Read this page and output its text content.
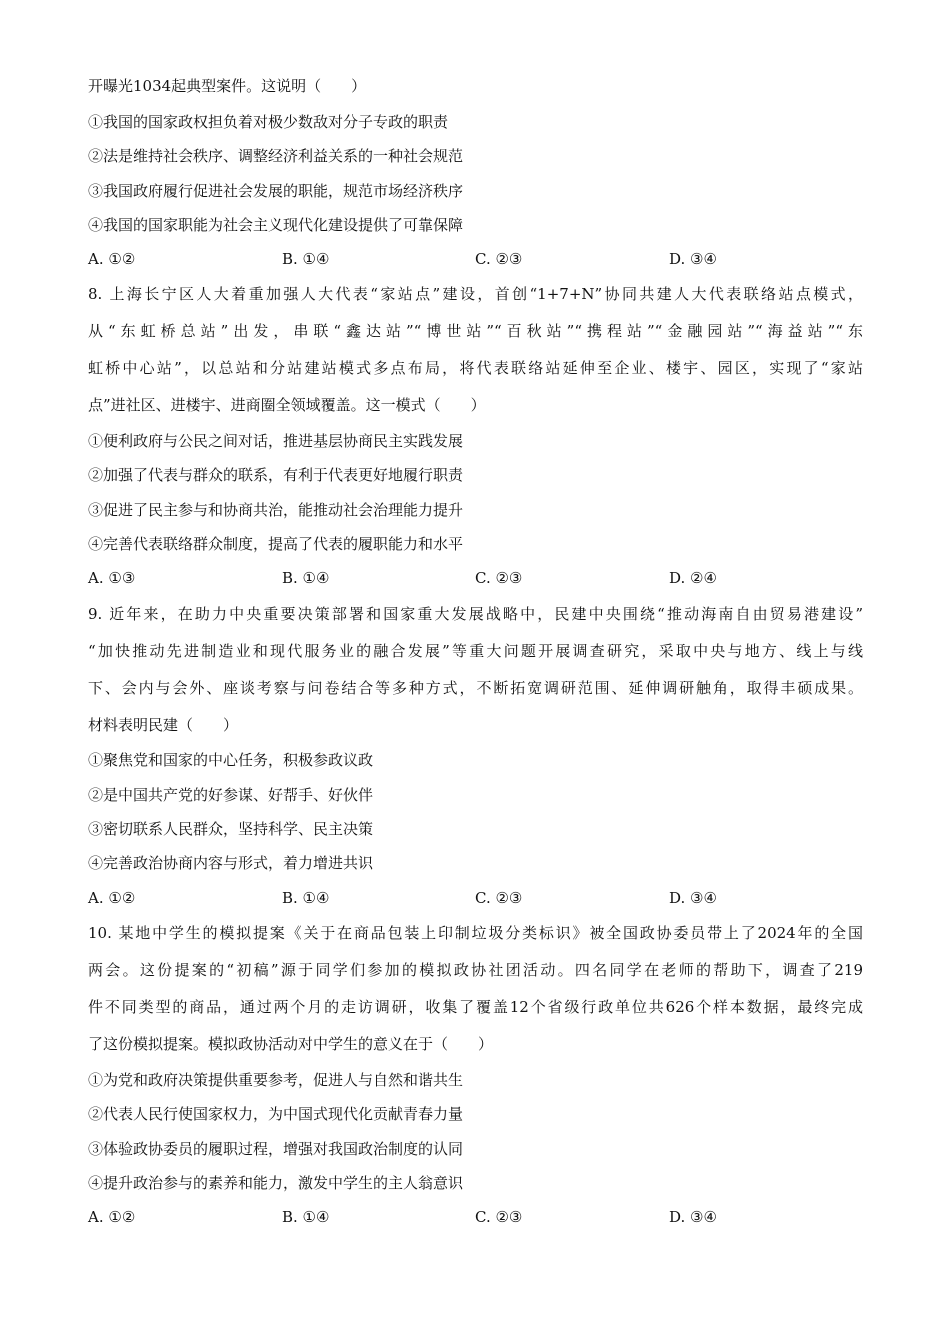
开曝光1034起典型案件。这说明（　　）
①我国的国家政权担负着对极少数敌对分子专政的职责
②法是维持社会秩序、调整经济利益关系的一种社会规范
③我国政府履行促进社会发展的职能，规范市场经济秩序
④我国的国家职能为社会主义现代化建设提供了可靠保障
A. ①②	B. ①④	C. ②③	D. ③④
8. 上海长宁区人大着重加强人大代表“家站点”建设，首创“1+7+N”协同共建人大代表联络站点模式，
从“东虹桥总站”出发，串联“鑫达站”“博世站”“百秋站”“携程站”“金融园站”“海益站”“东
虹桥中心站”，以总站和分站建站模式多点布局，将代表联络站延伸至企业、楼宇、园区，实现了“家站
点”进社区、进楼宇、进商圈全领域覆盖。这一模式（　　）
①便利政府与公民之间对话，推进基层协商民主实践发展
②加强了代表与群众的联系，有利于代表更好地履行职责
③促进了民主参与和协商共治，能推动社会治理能力提升
④完善代表联络群众制度，提高了代表的履职能力和水平
A. ①③	B. ①④	C. ②③	D. ②④
9. 近年来，在助力中央重要决策部署和国家重大发展战略中，民建中央围绕“推动海南自由贸易港建设”
“加快推动先进制造业和现代服务业的融合发展”等重大问题开展调查研究，采取中央与地方、线上与线
下、会内与会外、座谈考察与问卷结合等多种方式，不断拓宽调研范围、延伸调研触角，取得丰硕成果。
材料表明民建（　　）
①聚焦党和国家的中心任务，积极参政议政
②是中国共产党的好参谋、好帮手、好伙伴
③密切联系人民群众，坚持科学、民主决策
④完善政治协商内容与形式，着力增进共识
A. ①②	B. ①④	C. ②③	D. ③④
10. 某地中学生的模拟提案《关于在商品包装上印制垃圾分类标识》被全国政协委员带上了2024年的全国
两会。这份提案的“初稿”源于同学们参加的模拟政协社团活动。四名同学在老师的帮助下，调查了219
件不同类型的商品，通过两个月的走访调研，收集了覆盖12个省级行政单位共626个样本数据，最终完成
了这份模拟提案。模拟政协活动对中学生的意义在于（　　）
①为党和政府决策提供重要参考，促进人与自然和谐共生
②代表人民行使国家权力，为中国式现代化贡献青春力量
③体验政协委员的履职过程，增强对我国政治制度的认同
④提升政治参与的素养和能力，激发中学生的主人翁意识
A. ①②	B. ①④	C. ②③	D. ③④
